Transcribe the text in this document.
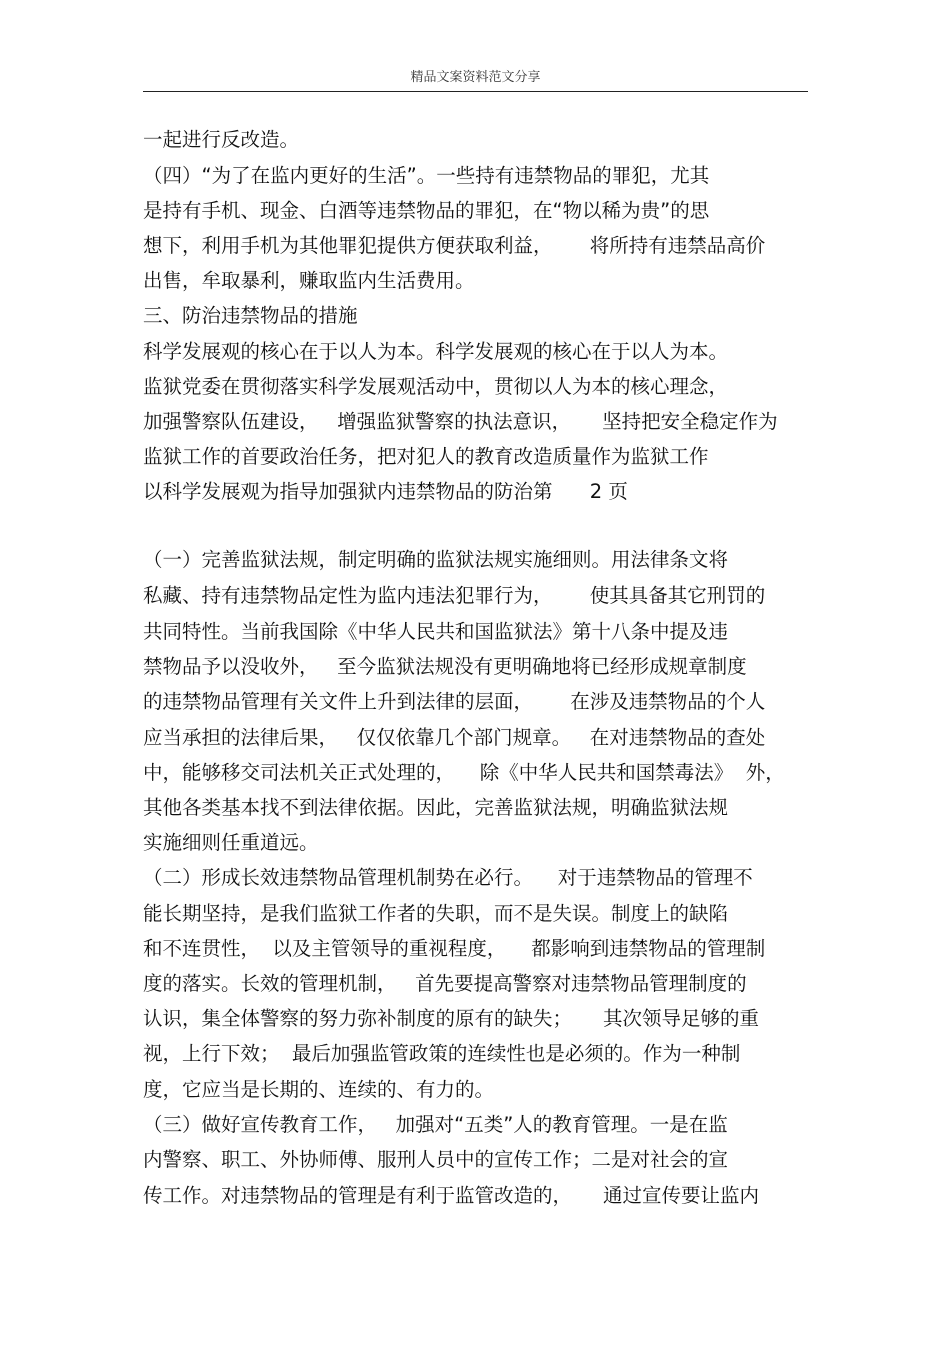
精品文案资料范文分享
一起进行反改造。
（四）“为了在监内更好的生活”。一些持有违禁物品的罪犯，尤其
是持有手机、现金、白酒等违禁物品的罪犯，在“物以稀为贵”的思
想下，利用手机为其他罪犯提供方便获取利益，      将所持有违禁品高价
出售，牟取暴利，赚取监内生活费用。
三、防治违禁物品的措施
科学发展观的核心在于以人为本。科学发展观的核心在于以人为本。
监狱党委在贯彻落实科学发展观活动中，贯彻以人为本的核心理念，
加强警察队伍建设，   增强监狱警察的执法意识，     坚持把安全稳定作为
监狱工作的首要政治任务，把对犯人的教育改造质量作为监狱工作
以科学发展观为指导加强狱内违禁物品的防治第 2 页
（一）完善监狱法规，制定明确的监狱法规实施细则。用法律条文将
私藏、持有违禁物品定性为监内违法犯罪行为，      使其具备其它刑罚的
共同特性。当前我国除《中华人民共和国监狱法》第十八条中提及违
禁物品予以没收外，   至今监狱法规没有更明确地将已经形成规章制度
的违禁物品管理有关文件上升到法律的层面，      在涉及违禁物品的个人
应当承担的法律后果，   仅仅依靠几个部门规章。   在对违禁物品的查处
中，能够移交司法机关正式处理的，    除《中华人民共和国禁毒法》  外，
其他各类基本找不到法律依据。因此，完善监狱法规，明确监狱法规
实施细则任重道远。
（二）形成长效违禁物品管理机制势在必行。    对于违禁物品的管理不
能长期坚持，是我们监狱工作者的失职，而不是失误。制度上的缺陷
和不连贯性，  以及主管领导的重视程度，    都影响到违禁物品的管理制
度的落实。长效的管理机制，   首先要提高警察对违禁物品管理制度的
认识，集全体警察的努力弥补制度的原有的缺失；     其次领导足够的重
视，上行下效；  最后加强监管政策的连续性也是必须的。作为一种制
度，它应当是长期的、连续的、有力的。
（三）做好宣传教育工作，   加强对“五类”人的教育管理。一是在监
内警察、职工、外协师傅、服刑人员中的宣传工作；二是对社会的宣
传工作。对违禁物品的管理是有利于监管改造的，     通过宣传要让监内
